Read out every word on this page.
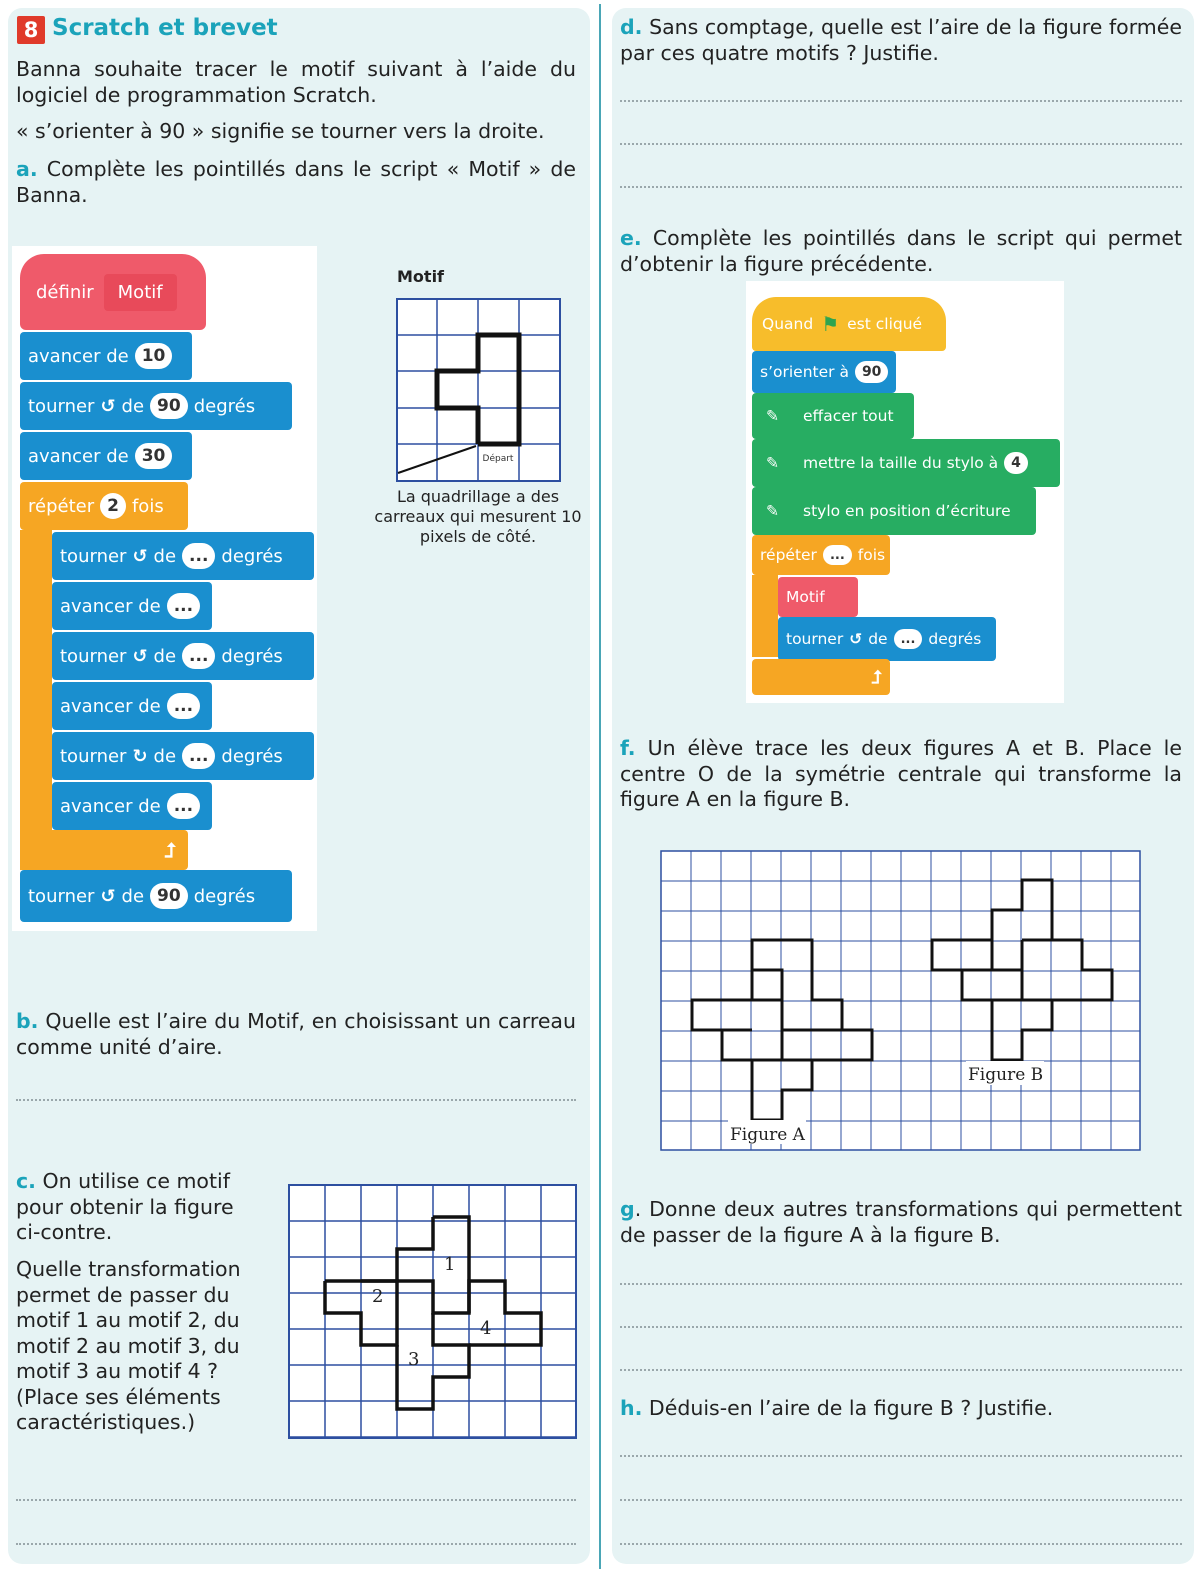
8 Scratch et brevet
Banna souhaite tracer le motif suivant à l’aide du logiciel de programmation Scratch.
« s’orienter à 90 » signifie se tourner vers la droite.
a. Complète les pointillés dans le script « Motif » de Banna.
définir	Motif
avancer de 10
tourner ↺ de 90 degrés
avancer de 30
répéter 2 fois
tourner ↺ de ... degrés
avancer de ...
tourner ↺ de ... degrés
avancer de ...
tourner ↻ de ... degrés
avancer de ...
⮥
tourner ↺ de 90 degrés
Motif
Départ
La quadrillage a des carreaux qui mesurent 10 pixels de côté.
b. Quelle est l’aire du Motif, en choisissant un carreau comme unité d’aire.
c. On utilise ce motif pour obtenir la figure ci-contre.
Quelle transformation permet de passer du motif 1 au motif 2, du motif 2 au motif 3, du motif 3 au motif 4 ? (Place ses éléments caractéristiques.)
1
2
3
4
d. Sans comptage, quelle est l’aire de la figure formée par ces quatre motifs ? Justifie.
e. Complète les pointillés dans le script qui permet d’obtenir la figure précédente.
Quand ⚑ est cliqué
s’orienter à 90
✎ effacer tout
✎ mettre la taille du stylo à 4
✎ stylo en position d’écriture
répéter	... fois
Motif
tourner ↺ de	... degrés
⮥
f. Un élève trace les deux figures A et B. Place le centre O de la symétrie centrale qui transforme la figure A en la figure B.
Figure A
Figure B
g. Donne deux autres transformations qui permettent de passer de la figure A à la figure B.
h. Déduis-en l’aire de la figure B ? Justifie.
